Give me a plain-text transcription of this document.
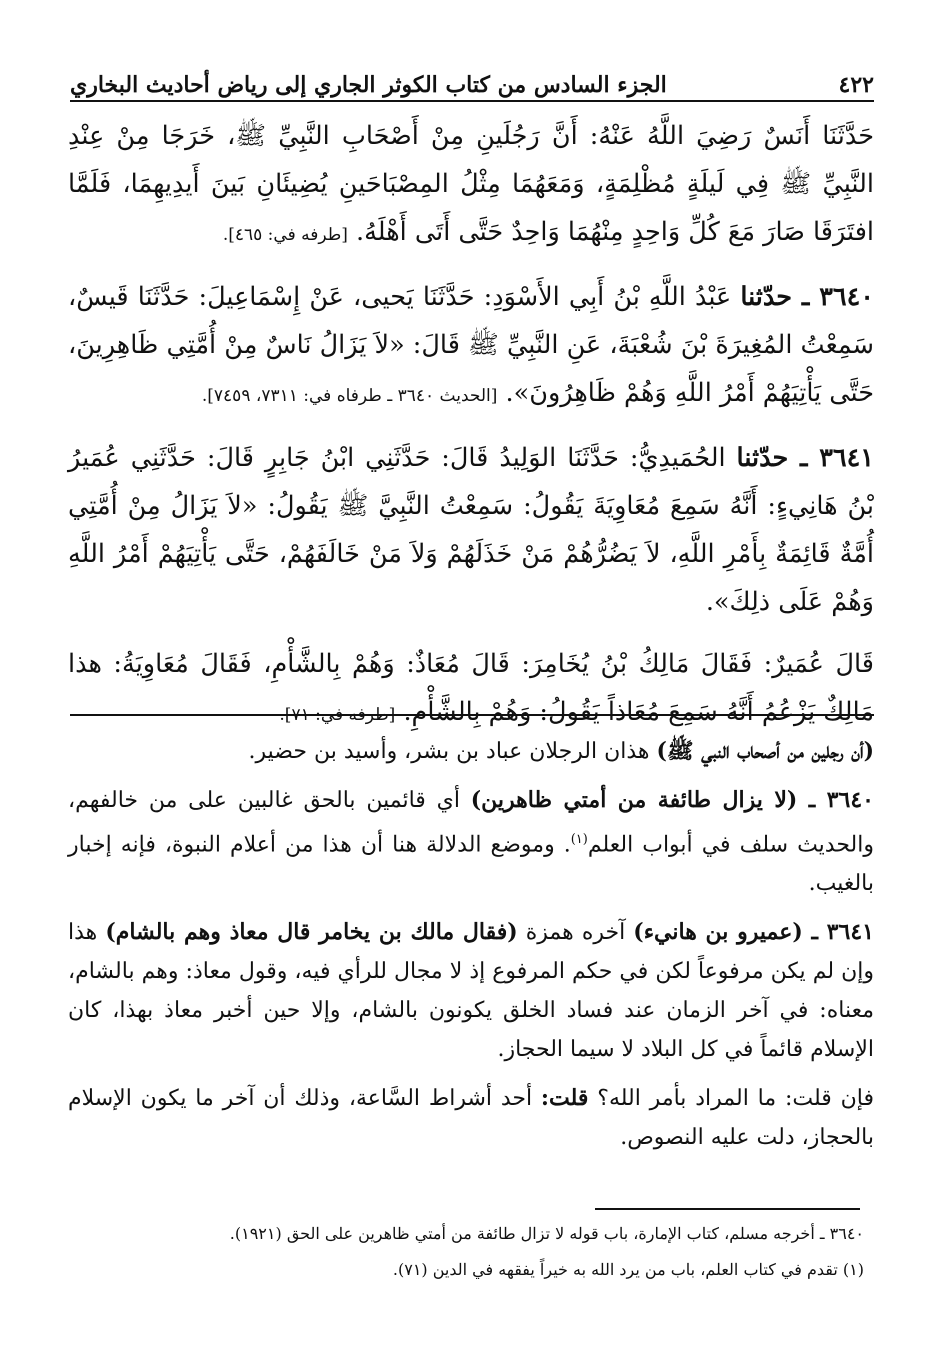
٤٢٢
الجزء السادس من كتاب الكوثر الجاري إلى رياض أحاديث البخاري

حَدَّثَنَا أَنَسٌ رَضِيَ اللَّهُ عَنْهُ: أَنَّ رَجُلَينِ مِنْ أَصْحَابِ النَّبِيِّ ﷺ، خَرَجَا مِنْ عِنْدِ النَّبِيِّ ﷺ فِي لَيلَةٍ مُظْلِمَةٍ، وَمَعَهُمَا مِثْلُ المِصْبَاحَينِ يُضِيئَانِ بَينَ أَيدِيهِمَا، فَلَمَّا افتَرَقَا صَارَ مَعَ كُلِّ وَاحِدٍ مِنْهُمَا وَاحِدٌ حَتَّى أَتَى أَهْلَهُ. [طرفه في: ٤٦٥].

٣٦٤٠ ـ حدّثنا عَبْدُ اللَّهِ بْنُ أَبِي الأَسْوَدِ: حَدَّثَنَا يَحيى، عَنْ إِسْمَاعِيلَ: حَدَّثَنَا قَيسٌ، سَمِعْتُ المُغِيرَةَ بْنَ شُعْبَةَ، عَنِ النَّبِيِّ ﷺ قَالَ: «لاَ يَزَالُ نَاسٌ مِنْ أُمَّتِي ظَاهِرِينَ، حَتَّى يَأْتِيَهُمْ أَمْرُ اللَّهِ وَهُمْ ظَاهِرُونَ». [الحديث ٣٦٤٠ ـ طرفاه في: ٧٣١١، ٧٤٥٩].

٣٦٤١ ـ حدّثنا الحُمَيدِيُّ: حَدَّثَنَا الوَلِيدُ قَالَ: حَدَّثَنِي ابْنُ جَابِرٍ قَالَ: حَدَّثَنِي عُمَيرُ بْنُ هَانِيءٍ: أَنَّهُ سَمِعَ مُعَاوِيَةَ يَقُولُ: سَمِعْتُ النَّبِيَّ ﷺ يَقُولُ: «لاَ يَزَالُ مِنْ أُمَّتِي أُمَّةٌ قَائِمَةٌ بِأَمْرِ اللَّهِ، لاَ يَضُرُّهُمْ مَنْ خَذَلَهُمْ وَلاَ مَنْ خَالَفَهُمْ، حَتَّى يَأْتِيَهُمْ أَمْرُ اللَّهِ وَهُمْ عَلَى ذلِكَ».

قَالَ عُمَيرٌ: فَقَالَ مَالِكُ بْنُ يُخَامِرَ: قَالَ مُعَاذٌ: وَهُمْ بِالشَّأْمِ، فَقَالَ مُعَاوِيَةُ: هذا مَالِكٌ يَزْعُمُ أَنَّهُ سَمِعَ مُعَاذاً يَقُولُ: وَهُمْ بِالشَّأْمِ. [طرفه في: ٧١].

(أن رجلين من أصحاب النبي ﷺ) هذان الرجلان عباد بن بشر، وأسيد بن حضير.

٣٦٤٠ ـ (لا يزال طائفة من أمتي ظاهرين) أي قائمين بالحق غالبين على من خالفهم، والحديث سلف في أبواب العلم$^{(١)}$. وموضع الدلالة هنا أن هذا من أعلام النبوة، فإنه إخبار بالغيب.

٣٦٤١ ـ (عميرو بن هانيء) آخره همزة (فقال مالك بن يخامر قال معاذ وهم بالشام) هذا وإن لم يكن مرفوعاً لكن في حكم المرفوع إذ لا مجال للرأي فيه، وقول معاذ: وهم بالشام، معناه: في آخر الزمان عند فساد الخلق يكونون بالشام، وإلا حين أخبر معاذ بهذا، كان الإسلام قائماً في كل البلاد لا سيما الحجاز.

فإن قلت: ما المراد بأمر الله؟ قلت: أحد أشراط السَّاعة، وذلك أن آخر ما يكون الإسلام بالحجاز، دلت عليه النصوص.

٣٦٤٠ ـ أخرجه مسلم، كتاب الإمارة، باب قوله لا تزال طائفة من أمتي ظاهرين على الحق (١٩٢١).
(١) تقدم في كتاب العلم، باب من يرد الله به خيراً يفقهه في الدين (٧١).
